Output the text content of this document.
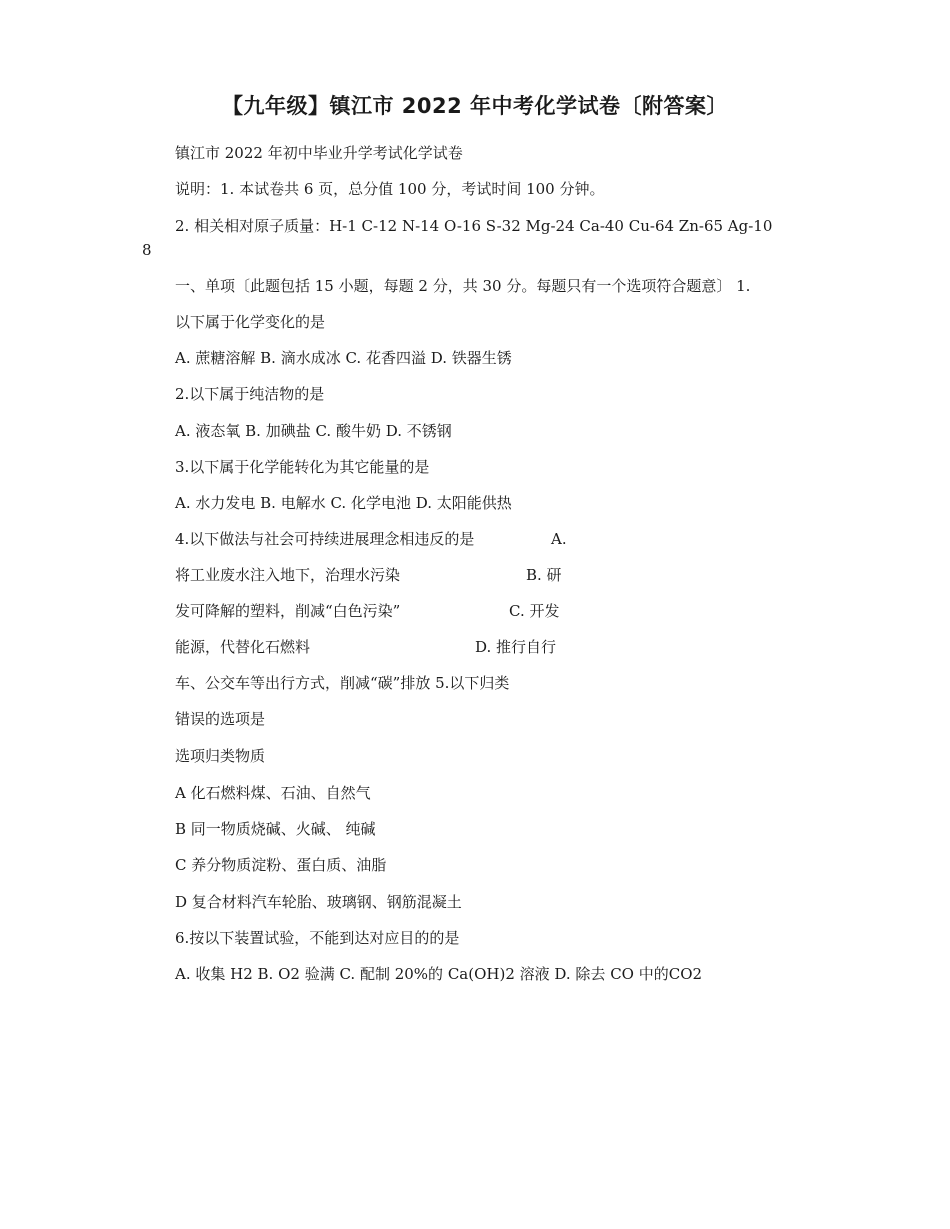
【九年级】镇江市 2022 年中考化学试卷〔附答案〕
镇江市 2022 年初中毕业升学考试化学试卷
说明：1. 本试卷共 6 页，总分值 100 分，考试时间 100 分钟。
2. 相关相对原子质量：H-1 C-12 N-14 O-16 S-32 Mg-24 Ca-40 Cu-64 Zn-65 Ag-10
8
一、单项〔此题包括 15 小题，每题 2 分，共 30 分。每题只有一个选项符合题意〕 1.
以下属于化学变化的是
A. 蔗糖溶解 B. 滴水成冰 C. 花香四溢 D. 铁器生锈
2.以下属于纯洁物的是
A. 液态氧 B. 加碘盐 C. 酸牛奶 D. 不锈钢
3.以下属于化学能转化为其它能量的是
A. 水力发电 B. 电解水 C. 化学电池 D. 太阳能供热
4.以下做法与社会可持续进展理念相违反的是	A.
将工业废水注入地下，治理水污染	B. 研
发可降解的塑料，削减“白色污染”	C. 开发
能源，代替化石燃料	D. 推行自行
车、公交车等出行方式，削减“碳”排放 5.以下归类
错误的选项是
选项归类物质
A 化石燃料煤、石油、自然气
B 同一物质烧碱、火碱、 纯碱
C 养分物质淀粉、蛋白质、油脂
D 复合材料汽车轮胎、玻璃钢、钢筋混凝土
6.按以下装置试验，不能到达对应目的的是
A. 收集 H2 B. O2 验满 C. 配制 20%的 Ca(OH)2 溶液 D. 除去 CO 中的CO2
